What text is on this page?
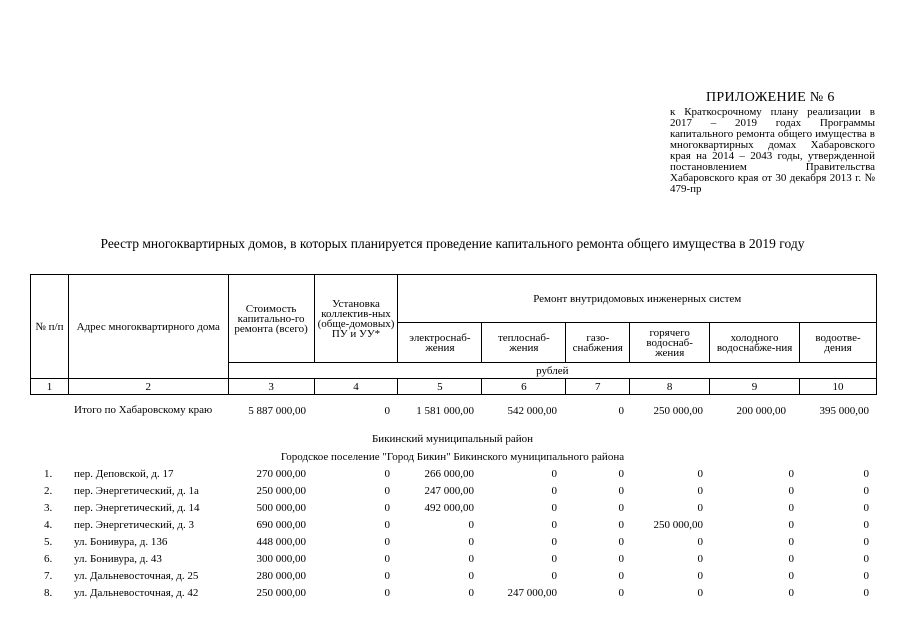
ПРИЛОЖЕНИЕ № 6
к Краткосрочному плану реализации в 2017 – 2019 годах Программы капитального ремонта общего имущества в многоквартирных домах Хабаровского края на 2014 – 2043 годы, утвержденной постановлением Правительства Хабаровского края от 30 декабря 2013 г. № 479-пр
Реестр многоквартирных домов, в которых планируется проведение капитального ремонта общего имущества в 2019 году
№ п/п	Адрес многоквартирного дома	Стоимость капитально-го ремонта (всего)	Установка коллектив-ных (обще-домовых) ПУ и УУ*	Ремонт внутридомовых инженерных систем					
				электроснаб-жения	теплоснаб-жения	газо-снабжения	горячего водоснаб-жения	холодного водоснабже-ния	водоотве-дения
		рублей							
1	2	3	4	5	6	7	8	9	10
Итого по Хабаровскому краю	5 887 000,00	0	1 581 000,00	542 000,00	0	250 000,00	200 000,00	395 000,00
Бикинский муниципальный район
Городское поселение "Город Бикин" Бикинского муниципального района
1. пер. Деповской, д. 17	270 000,00	0	266 000,00	0	0	0	0	0
2. пер. Энергетический, д. 1а	250 000,00	0	247 000,00	0	0	0	0	0
3. пер. Энергетический, д. 14	500 000,00	0	492 000,00	0	0	0	0	0
4. пер. Энергетический, д. 3	690 000,00	0	0	0	0	250 000,00	0	0
5. ул. Бонивура, д. 136	448 000,00	0	0	0	0	0	0	0
6. ул. Бонивура, д. 43	300 000,00	0	0	0	0	0	0	0
7. ул. Дальневосточная, д. 25	280 000,00	0	0	0	0	0	0	0
8. ул. Дальневосточная, д. 42	250 000,00	0	0	247 000,00	0	0	0	0
